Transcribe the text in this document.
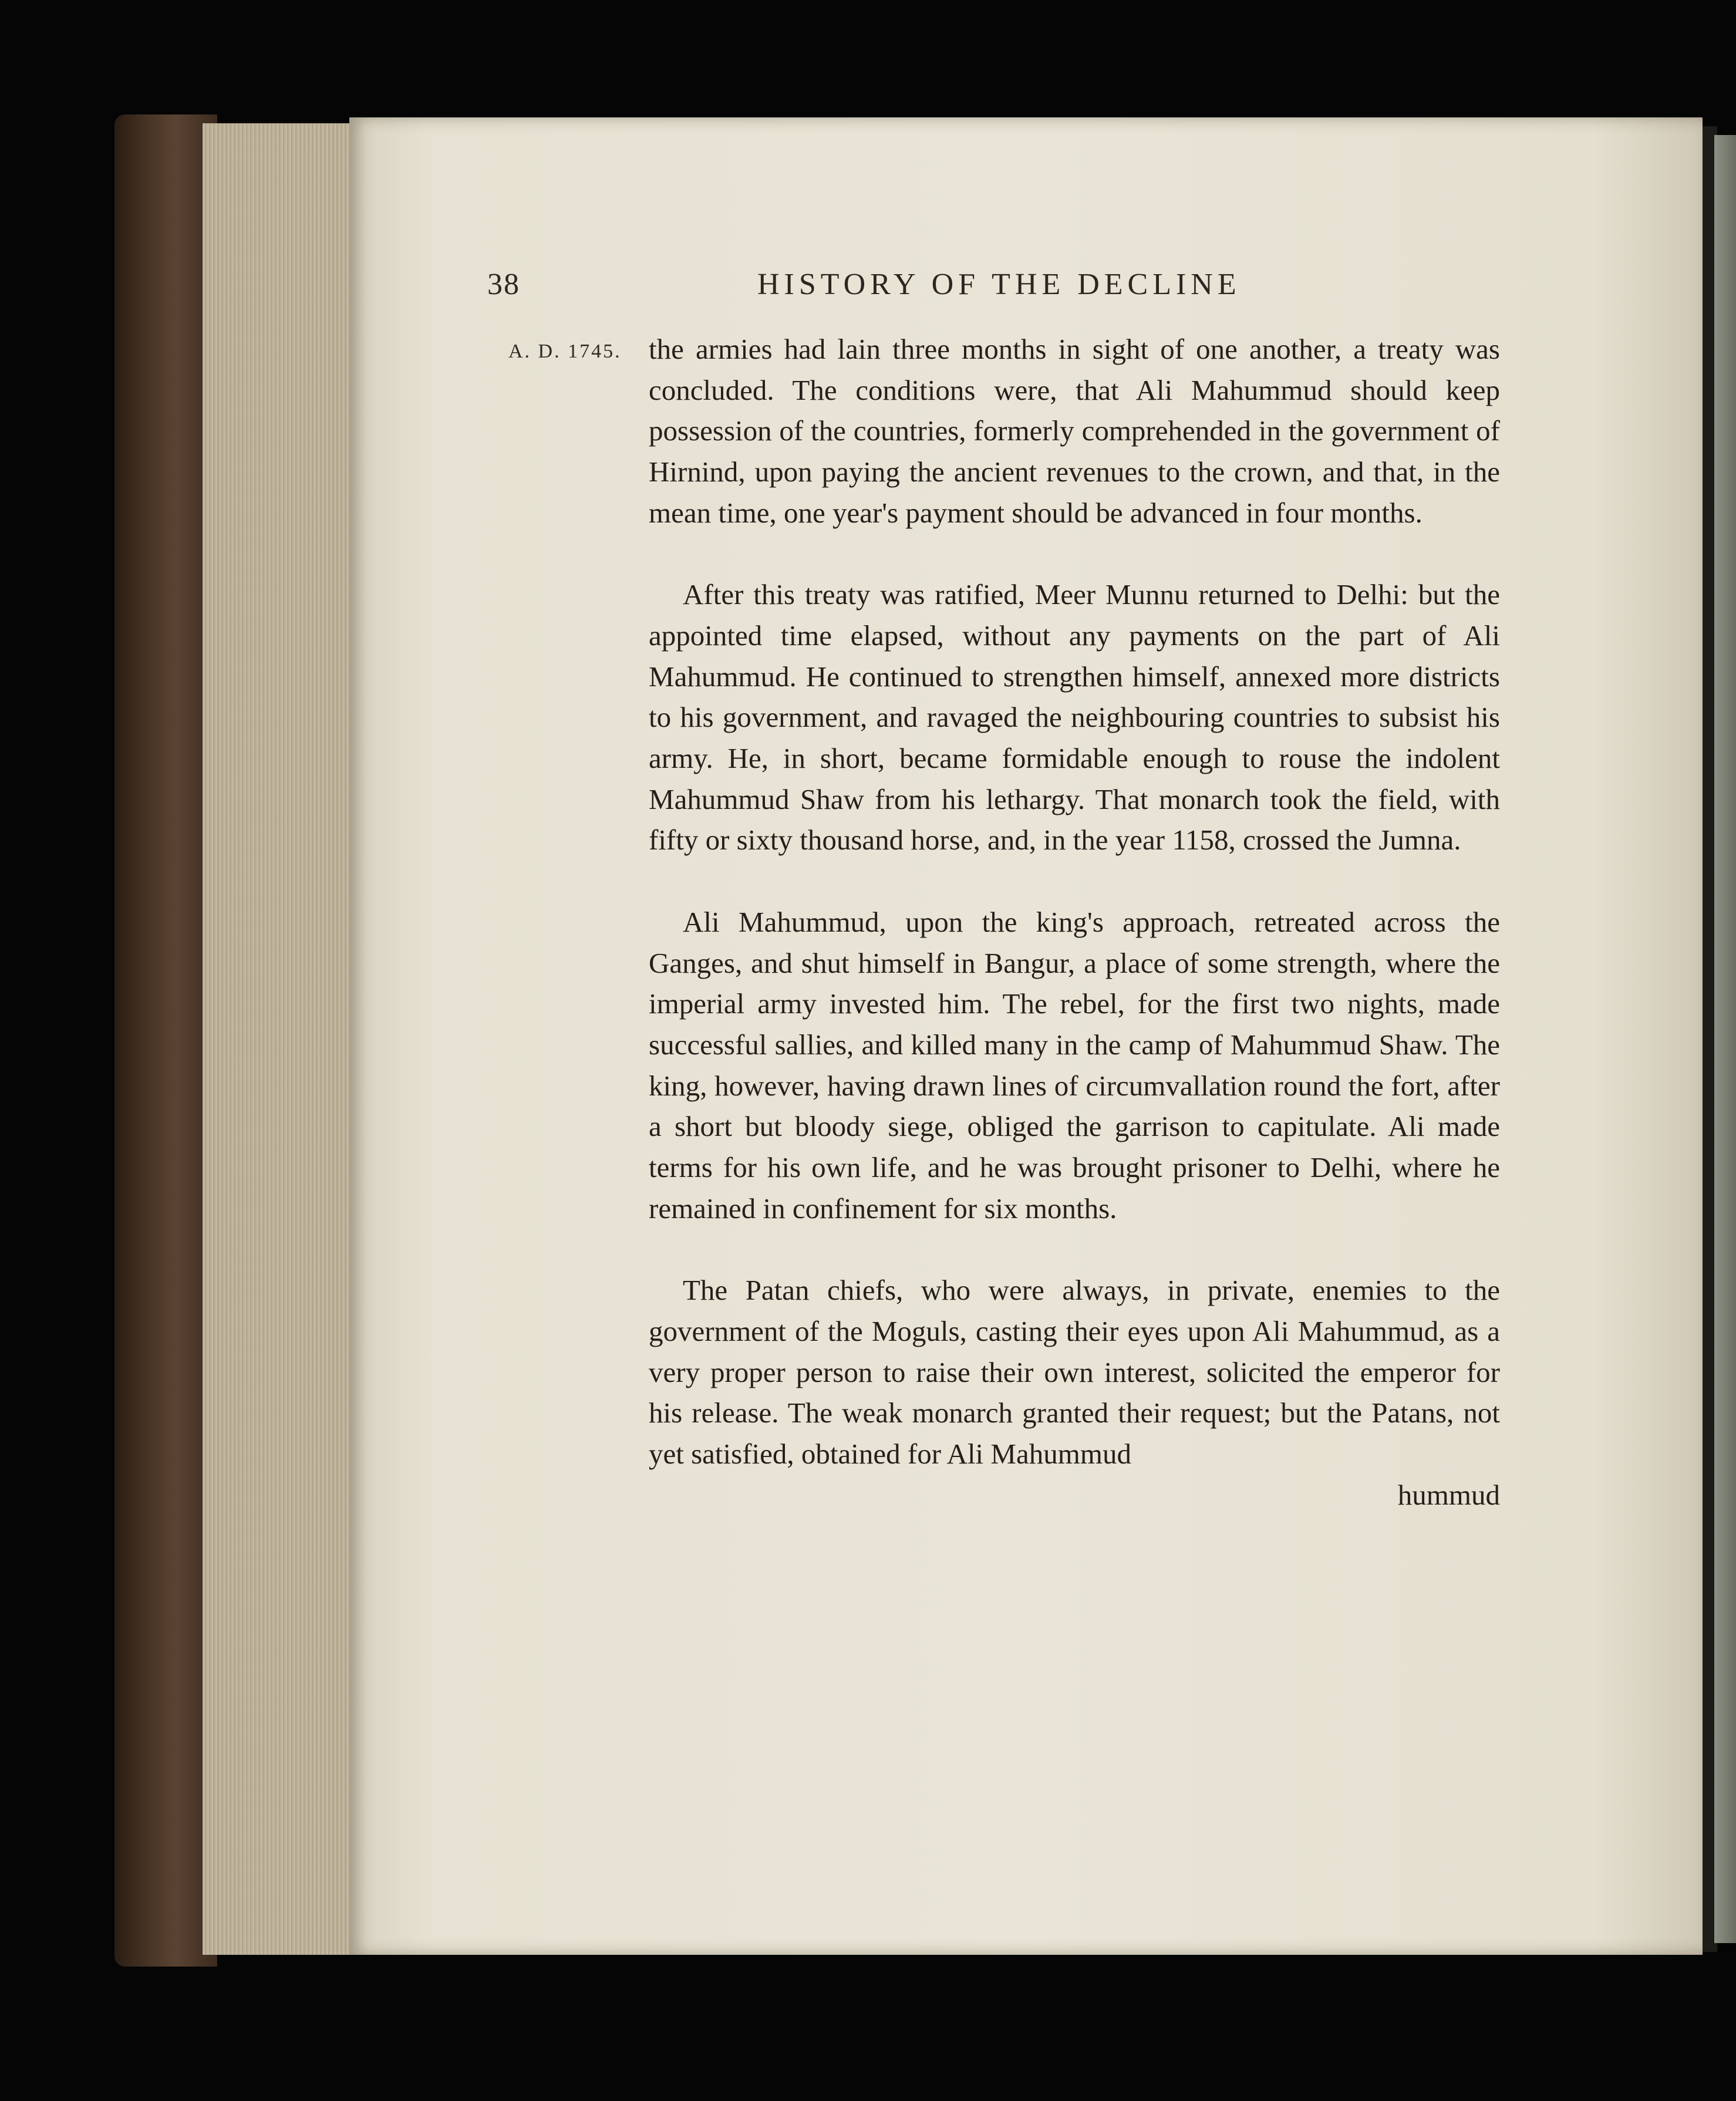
38	HISTORY OF THE DECLINE
A. D. 1745. the armies had lain three months in sight of one another, a treaty was concluded. The conditions were, that Ali Mahummud should keep possession of the countries, formerly comprehended in the government of Hirnind, upon paying the ancient revenues to the crown, and that, in the mean time, one year's payment should be advanced in four months.

After this treaty was ratified, Meer Munnu returned to Delhi: but the appointed time elapsed, without any payments on the part of Ali Mahummud. He continued to strengthen himself, annexed more districts to his government, and ravaged the neighbouring countries to subsist his army. He, in short, became formidable enough to rouse the indolent Mahummud Shaw from his lethargy. That monarch took the field, with fifty or sixty thousand horse, and, in the year 1158, crossed the Jumna.

Ali Mahummud, upon the king's approach, retreated across the Ganges, and shut himself in Bangur, a place of some strength, where the imperial army invested him. The rebel, for the first two nights, made successful sallies, and killed many in the camp of Mahummud Shaw. The king, however, having drawn lines of circumvallation round the fort, after a short but bloody siege, obliged the garrison to capitulate. Ali made terms for his own life, and he was brought prisoner to Delhi, where he remained in confinement for six months.

The Patan chiefs, who were always, in private, enemies to the government of the Moguls, casting their eyes upon Ali Mahummud, as a very proper person to raise their own interest, solicited the emperor for his release. The weak monarch granted their request; but the Patans, not yet satisfied, obtained for Ali Mahummud

hummud
